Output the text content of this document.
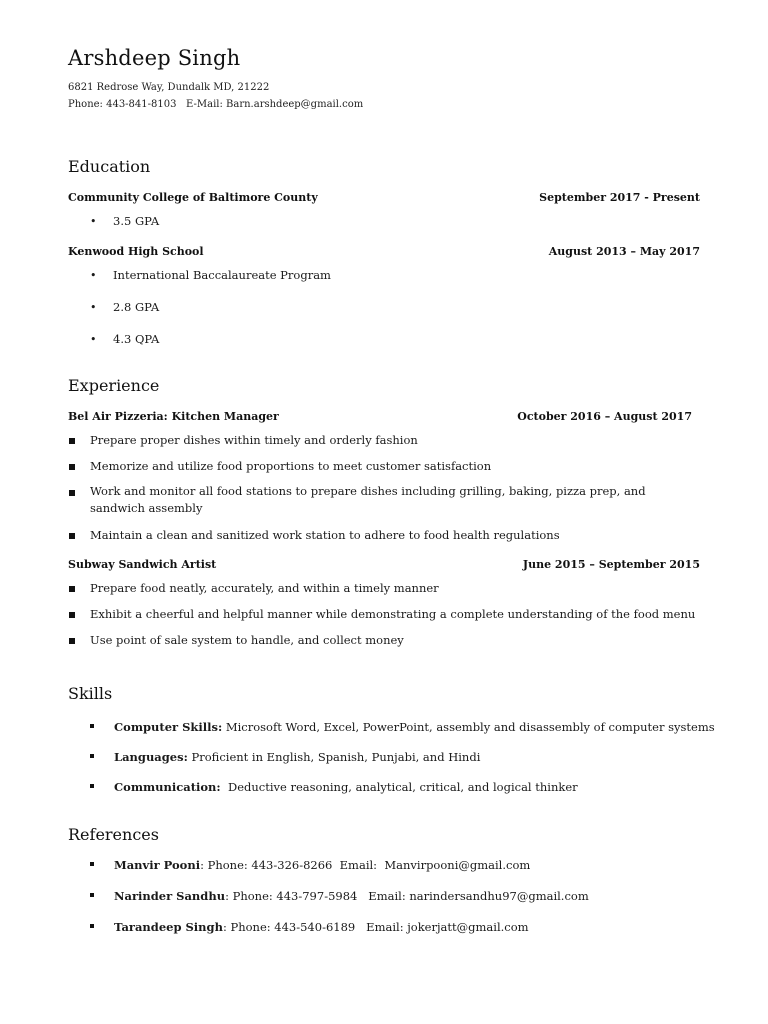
Arshdeep Singh
6821 Redrose Way, Dundalk MD, 21222
Phone: 443-841-8103   E-Mail: Barn.arshdeep@gmail.com
Education
Community College of Baltimore County	September 2017 - Present
• 3.5 GPA
Kenwood High School	August 2013 – May 2017
• International Baccalaureate Program
• 2.8 GPA
• 4.3 QPA
Experience
Bel Air Pizzeria: Kitchen Manager	October 2016 – August 2017
Prepare proper dishes within timely and orderly fashion
Memorize and utilize food proportions to meet customer satisfaction
Work and monitor all food stations to prepare dishes including grilling, baking, pizza prep, and sandwich assembly
Maintain a clean and sanitized work station to adhere to food health regulations
Subway Sandwich Artist	June 2015 – September 2015
Prepare food neatly, accurately, and within a timely manner
Exhibit a cheerful and helpful manner while demonstrating a complete understanding of the food menu
Use point of sale system to handle, and collect money
Skills
Computer Skills: Microsoft Word, Excel, PowerPoint, assembly and disassembly of computer systems
Languages: Proficient in English, Spanish, Punjabi, and Hindi
Communication:  Deductive reasoning, analytical, critical, and logical thinker
References
Manvir Pooni: Phone: 443-326-8266  Email:  Manvirpooni@gmail.com
Narinder Sandhu: Phone: 443-797-5984   Email: narindersandhu97@gmail.com
Tarandeep Singh: Phone: 443-540-6189   Email: jokerjatt@gmail.com
